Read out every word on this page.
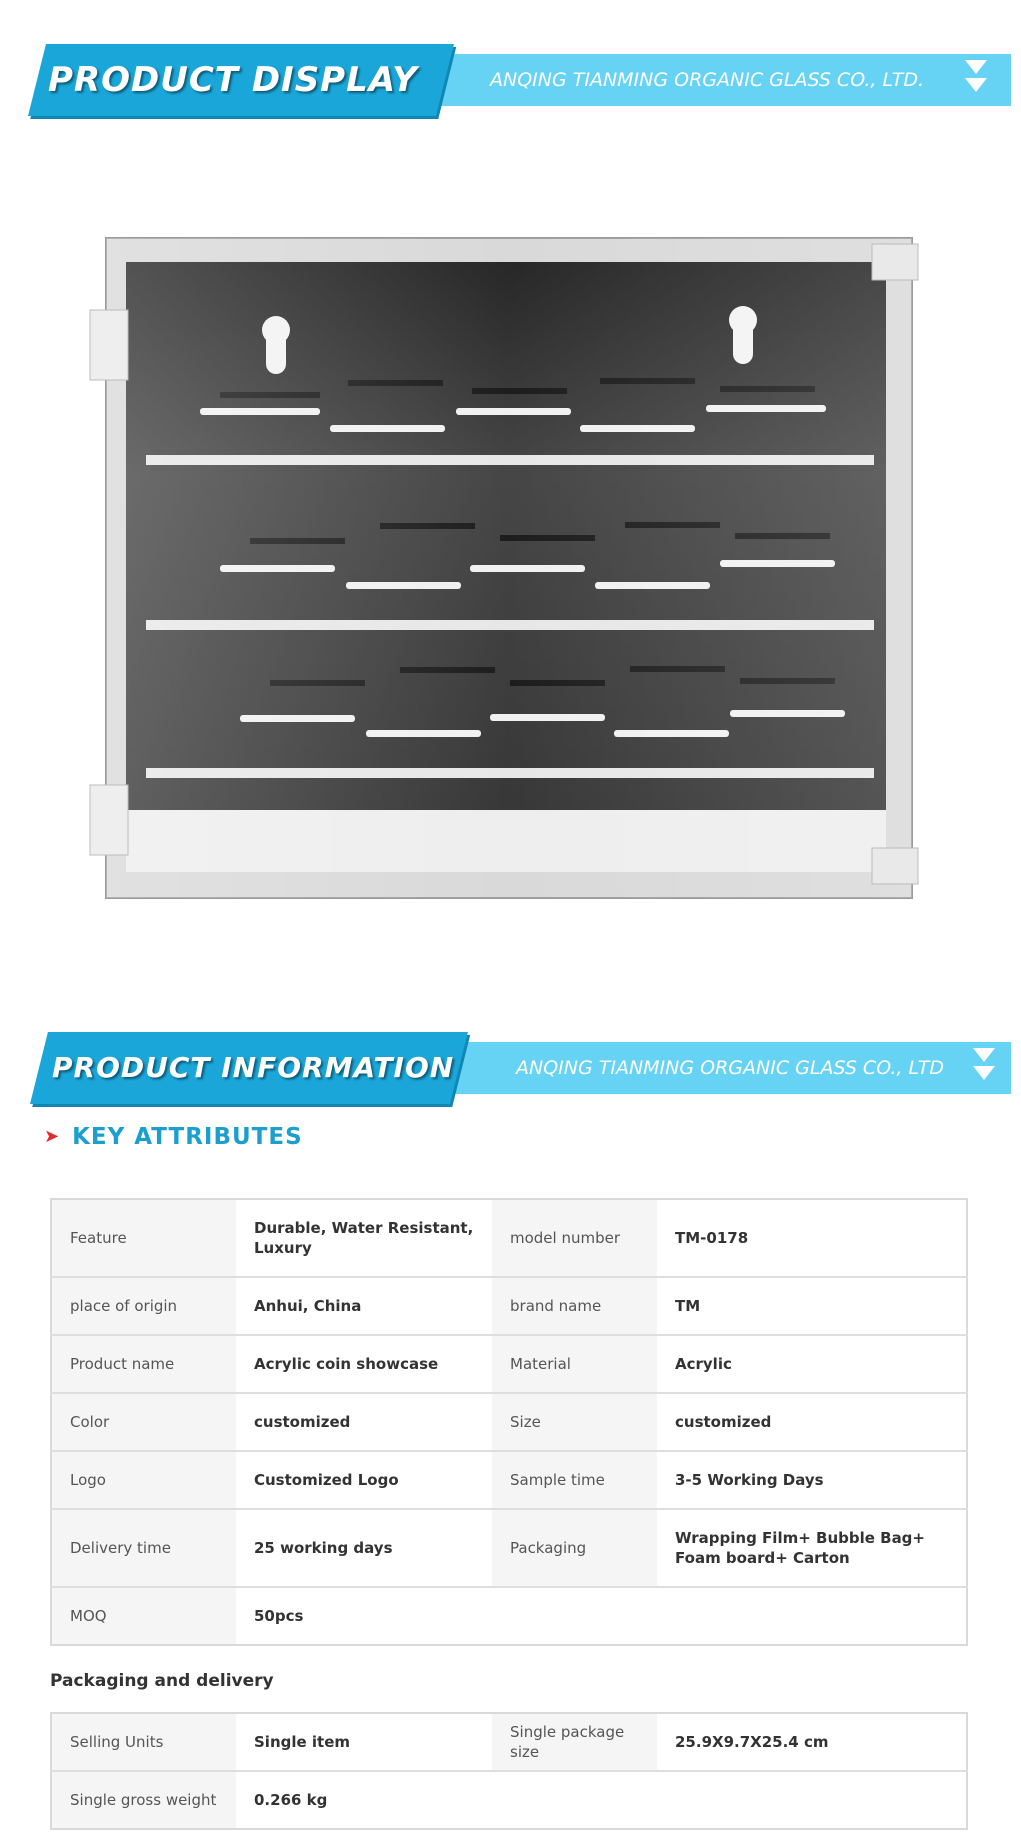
PRODUCT DISPLAY	ANQING TIANMING ORGANIC GLASS CO., LTD.
PRODUCT INFORMATION	ANQING TIANMING ORGANIC GLASS CO., LTD
➤ KEY ATTRIBUTES
Feature	Durable, Water Resistant, Luxury	model number	TM-0178
place of origin	Anhui, China	brand name	TM
Product name	Acrylic coin showcase	Material	Acrylic
Color	customized	Size	customized
Logo	Customized Logo	Sample time	3-5 Working Days
Delivery time	25 working days	Packaging	Wrapping Film+ Bubble Bag+ Foam board+ Carton
MOQ	50pcs		
Packaging and delivery
Selling Units	Single item	Single package size	25.9X9.7X25.4 cm
Single gross weight	0.266 kg		
